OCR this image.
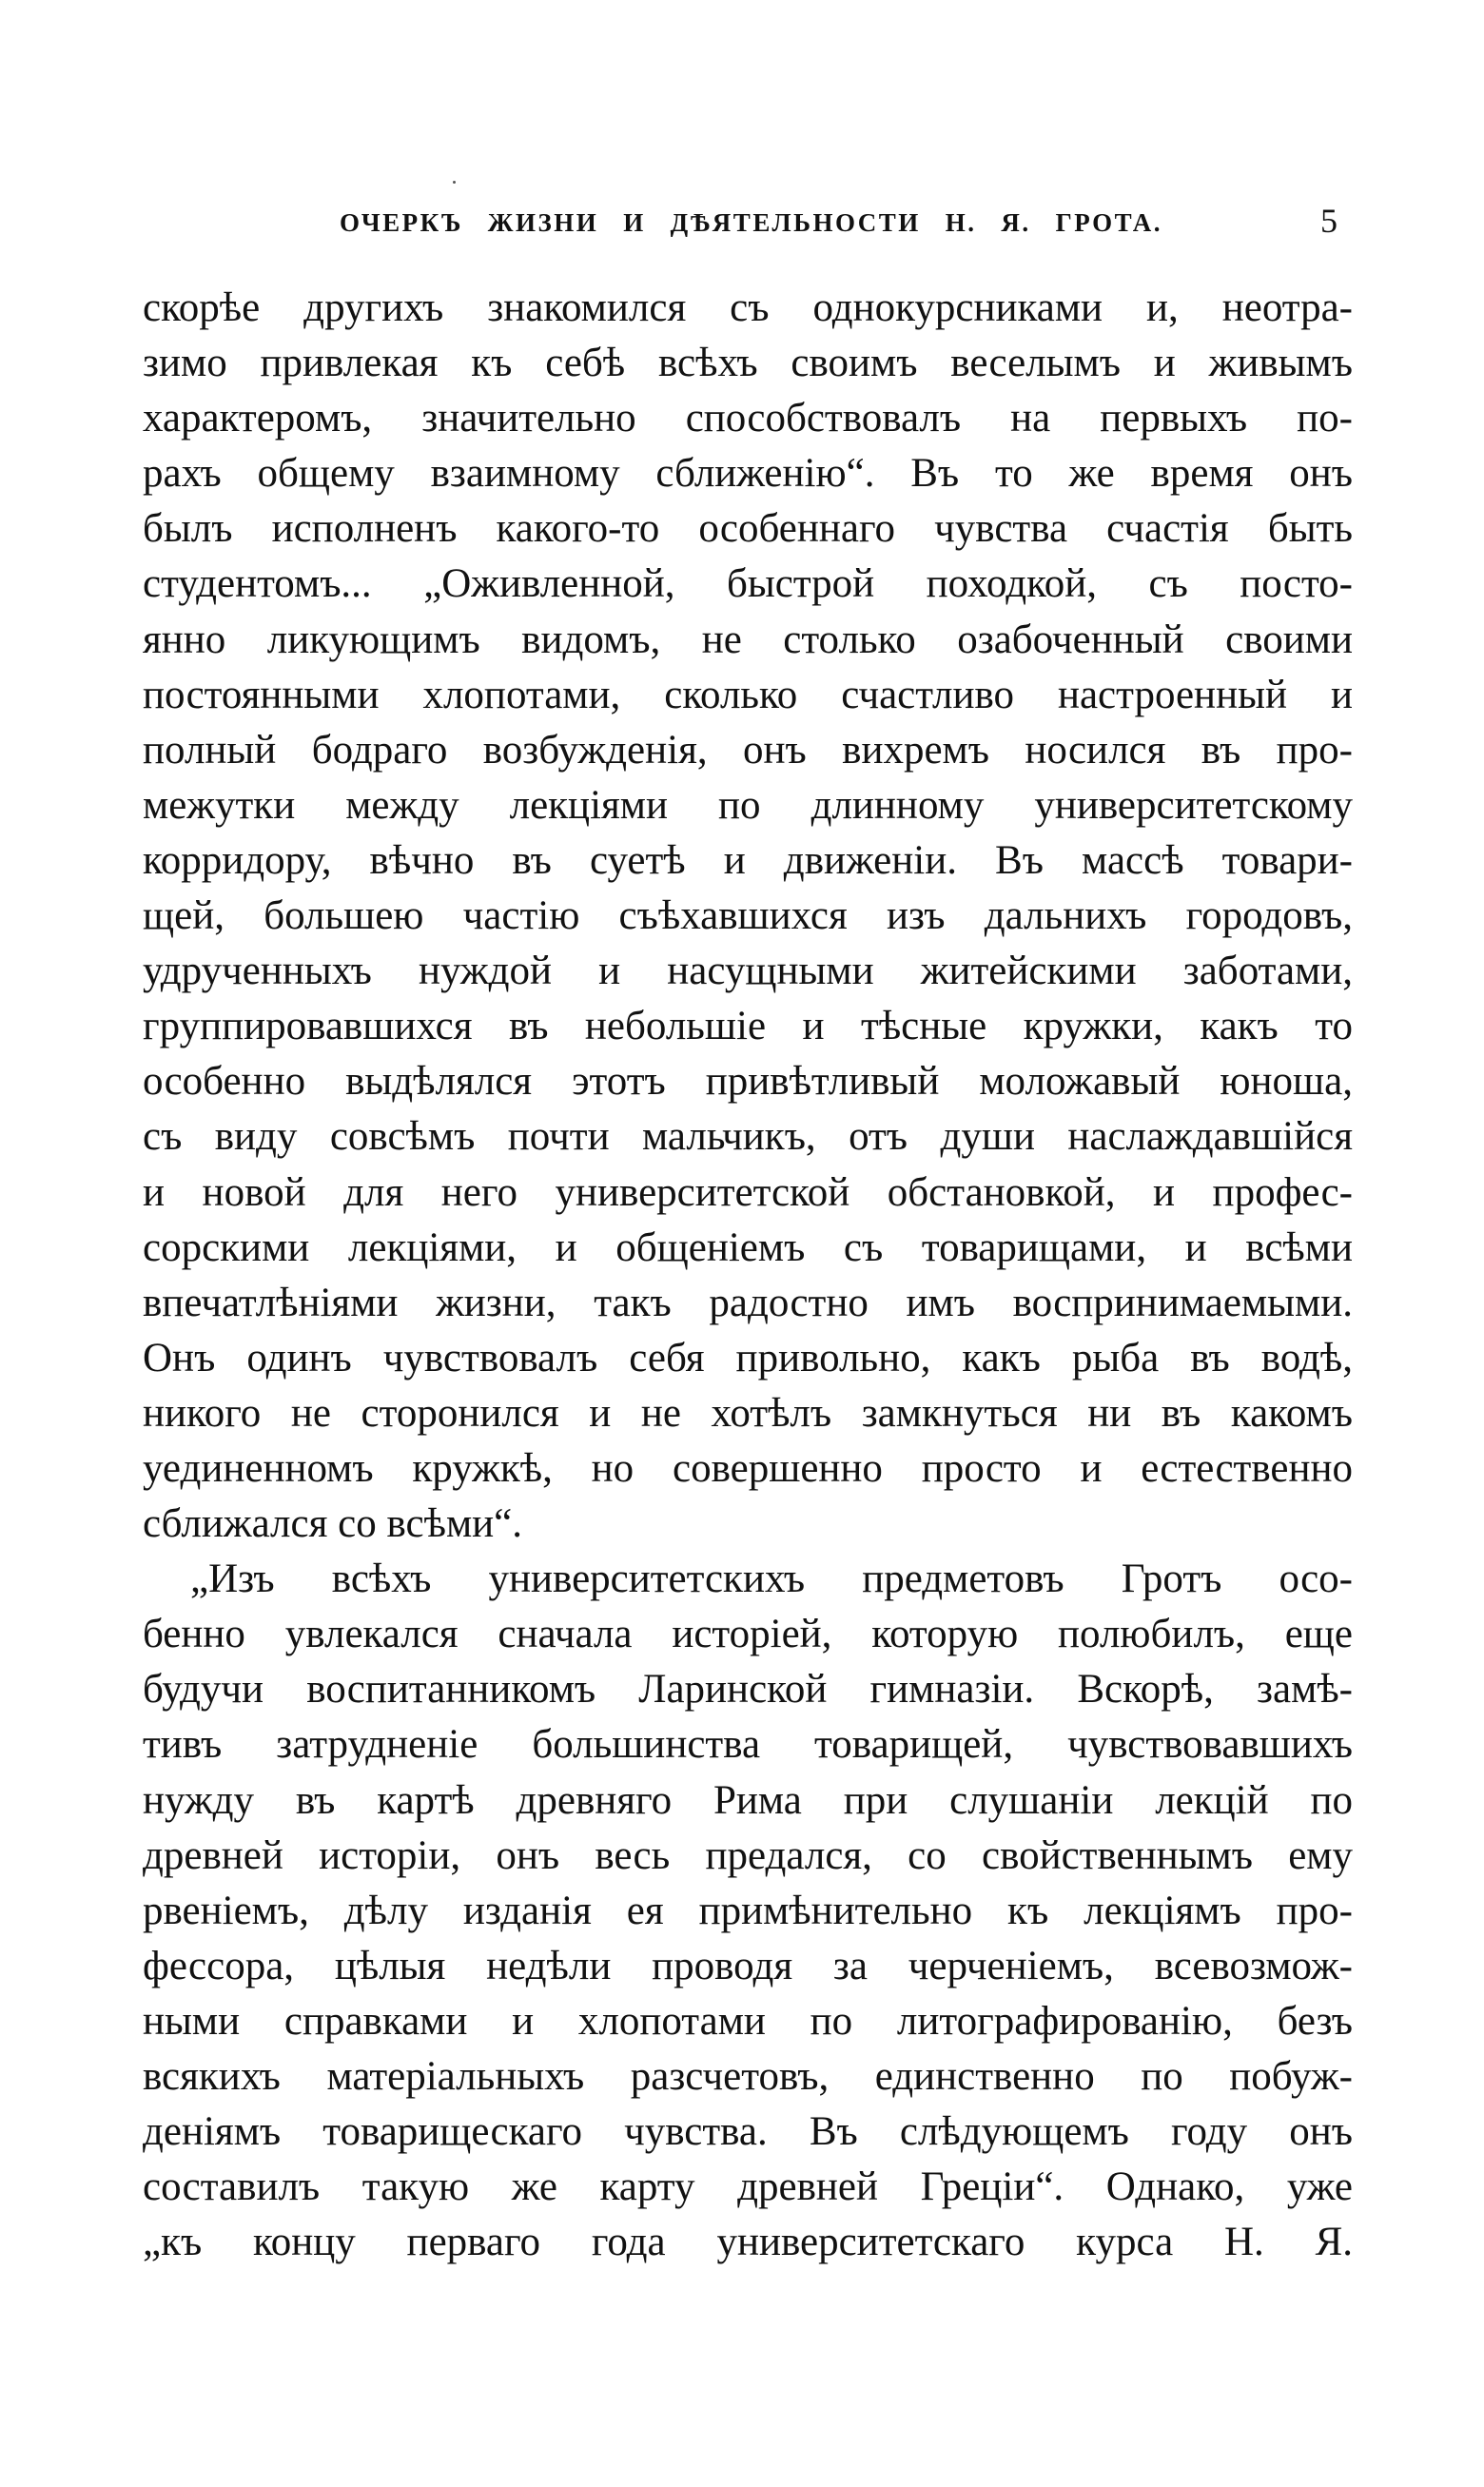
ОЧЕРКЪ ЖИЗНИ И ДѢЯТЕЛЬНОСТИ Н. Я. ГРОТА.	5
скорѣе другихъ знакомился съ однокурсниками и, неотра-
зимо привлекая къ себѣ всѣхъ своимъ веселымъ и живымъ
характеромъ, значительно способствовалъ на первыхъ по-
рахъ общему взаимному сближенію“. Въ то же время онъ
былъ исполненъ какого-то особеннаго чувства счастія быть
студентомъ... „Оживленной, быстрой походкой, съ посто-
янно ликующимъ видомъ, не столько озабоченный своими
постоянными хлопотами, сколько счастливо настроенный и
полный бодраго возбужденія, онъ вихремъ носился въ про-
межутки между лекціями по длинному университетскому
корридору, вѣчно въ суетѣ и движеніи. Въ массѣ товари-
щей, большею частію съѣхавшихся изъ дальнихъ городовъ,
удрученныхъ нуждой и насущными житейскими заботами,
группировавшихся въ небольшіе и тѣсные кружки, какъ то
особенно выдѣлялся этотъ привѣтливый моложавый юноша,
съ виду совсѣмъ почти мальчикъ, отъ души наслаждавшійся
и новой для него университетской обстановкой, и профес-
сорскими лекціями, и общеніемъ съ товарищами, и всѣми
впечатлѣніями жизни, такъ радостно имъ воспринимаемыми.
Онъ одинъ чувствовалъ себя привольно, какъ рыба въ водѣ,
никого не сторонился и не хотѣлъ замкнуться ни въ какомъ
уединенномъ кружкѣ, но совершенно просто и естественно
сближался со всѣми“.
„Изъ всѣхъ университетскихъ предметовъ Гротъ осо-
бенно увлекался сначала исторіей, которую полюбилъ, еще
будучи воспитанникомъ Ларинской гимназіи. Вскорѣ, замѣ-
тивъ затрудненіе большинства товарищей, чувствовавшихъ
нужду въ картѣ древняго Рима при слушаніи лекцій по
древней исторіи, онъ весь предался, со свойственнымъ ему
рвеніемъ, дѣлу изданія ея примѣнительно къ лекціямъ про-
фессора, цѣлыя недѣли проводя за черченіемъ, всевозмож-
ными справками и хлопотами по литографированію, безъ
всякихъ матеріальныхъ разсчетовъ, единственно по побуж-
деніямъ товарищескаго чувства. Въ слѣдующемъ году онъ
составилъ такую же карту древней Греціи“. Однако, уже
„къ концу перваго года университетскаго курса Н. Я.
